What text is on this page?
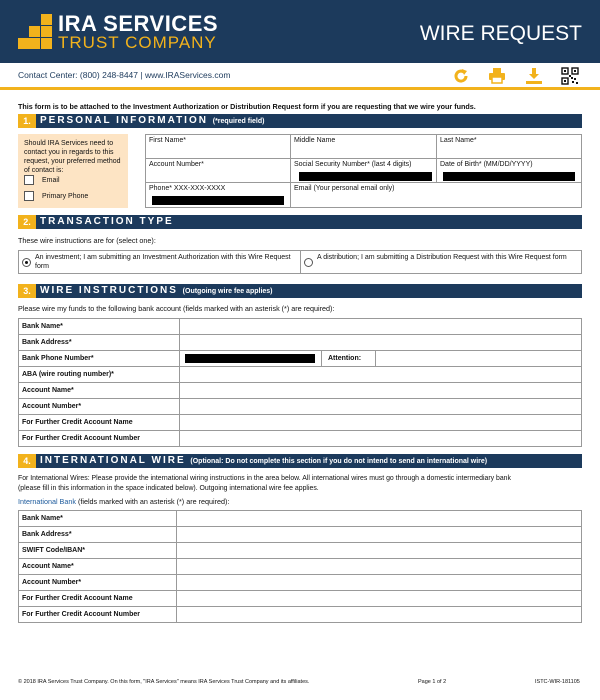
IRA SERVICES
TRUST COMPANY	WIRE REQUEST
Contact Center: (800) 248-8447 | www.IRAServices.com
This form is to be attached to the Investment Authorization or Distribution Request form if you are requesting that we wire your funds.
1. PERSONAL INFORMATION (*required field)
Should IRA Services need to contact you in regards to this request, your preferred method of contact is:
Email
Primary Phone
First Name*	Middle Name	Last Name*
Account Number*	Social Security Number* (last 4 digits)	Date of Birth* (MM/DD/YYYY)
Phone* XXX-XXX-XXXX	Email (Your personal email only)
2. TRANSACTION TYPE
These wire instructions are for (select one):
An investment; I am submitting an Investment Authorization with this Wire Request form
A distribution; I am submitting a Distribution Request with this Wire Request form
3. WIRE INSTRUCTIONS (Outgoing wire fee applies)
Please wire my funds to the following bank account (fields marked with an asterisk (*) are required):
Bank Name*
Bank Address*
Bank Phone Number*	Attention:
ABA (wire routing number)*
Account Name*
Account Number*
For Further Credit Account Name
For Further Credit Account Number
4. INTERNATIONAL WIRE (Optional: Do not complete this section if you do not intend to send an international wire)
For International Wires: Please provide the international wiring instructions in the area below. All international wires must go through a domestic intermediary bank
(please fill in this information in the space indicated below). Outgoing international wire fee applies.
International Bank (fields marked with an asterisk (*) are required):
Bank Name*
Bank Address*
SWIFT Code/IBAN*
Account Name*
Account Number*
For Further Credit Account Name
For Further Credit Account Number
© 2018 IRA Services Trust Company. On this form, "IRA Services" means IRA Services Trust Company and its affiliates.	Page 1 of 2	ISTC-WIR-181105
